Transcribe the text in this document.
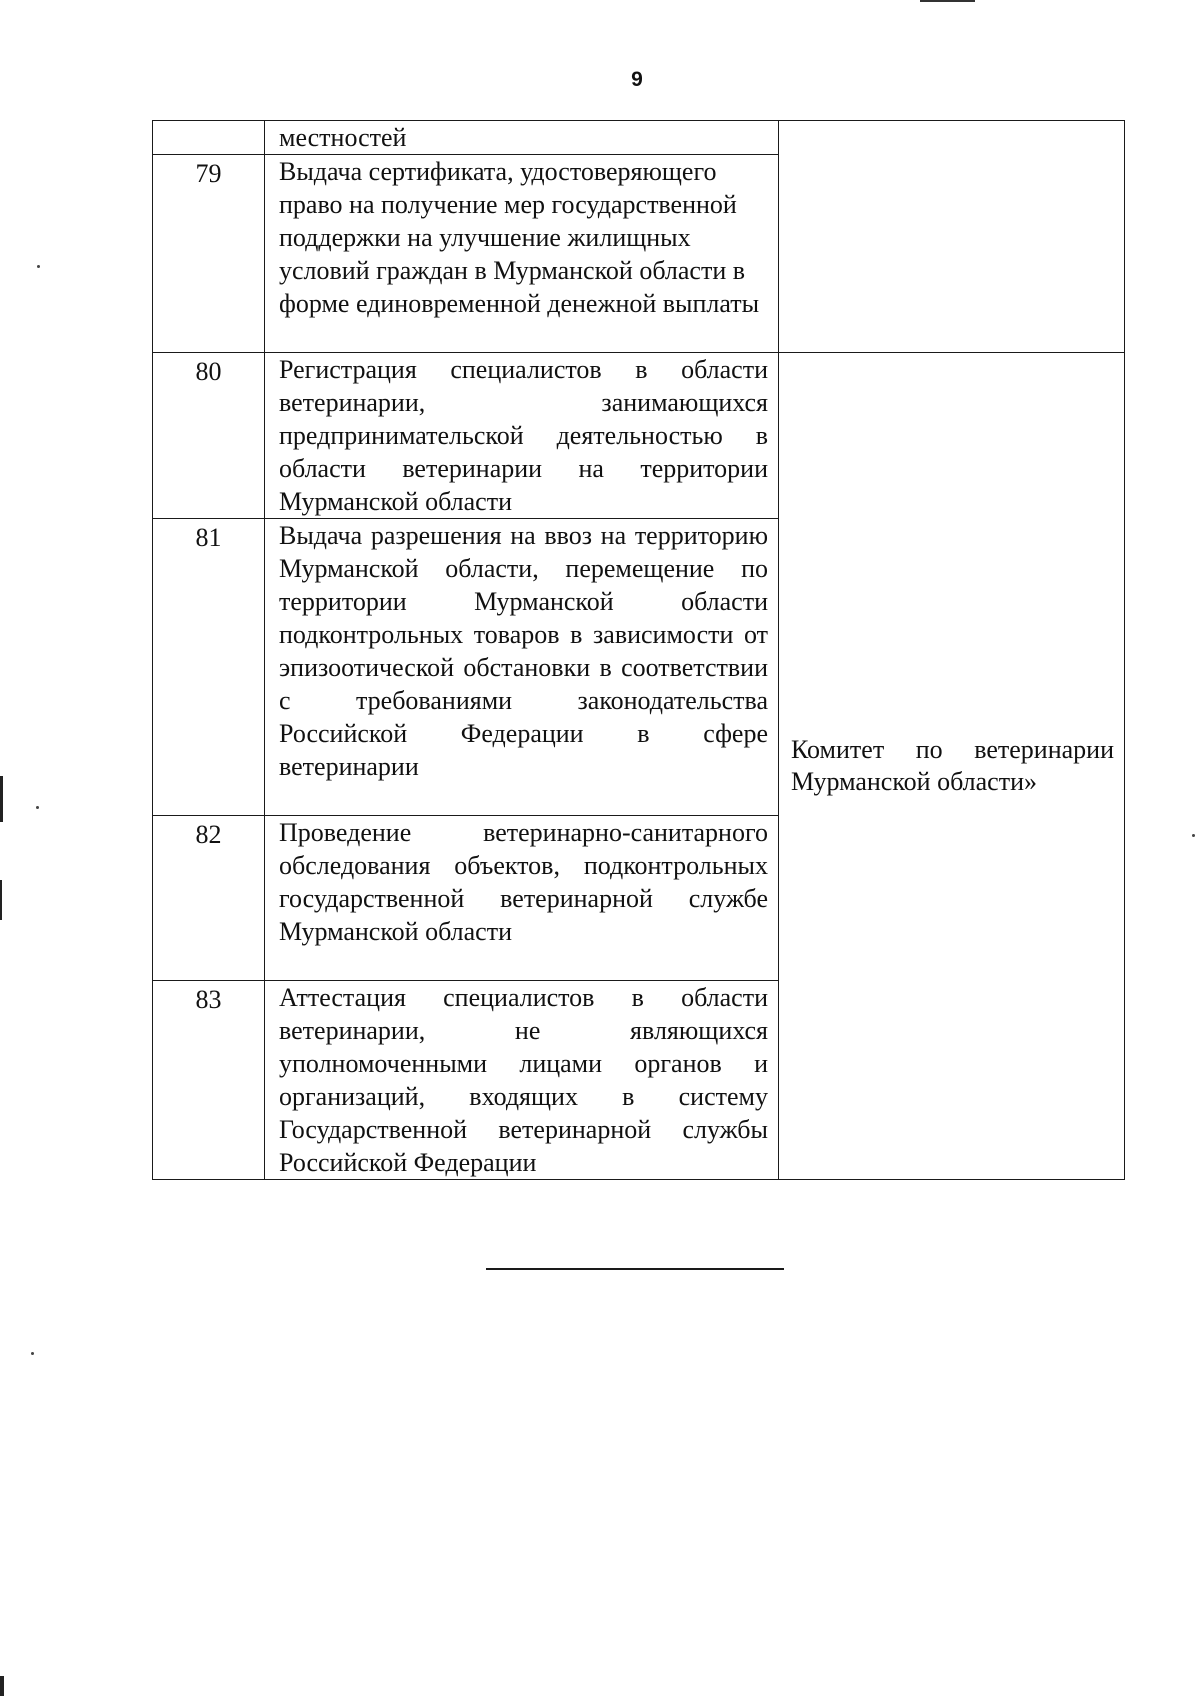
9
	местностей	
79	Выдача сертификата, удостоверяющего право на получение мер государственной поддержки на улучшение жилищных условий граждан в Мурманской области в форме единовременной денежной выплаты	
80	Регистрация специалистов в области ветеринарии, занимающихся предпринимательской деятельностью в области ветеринарии на территории Мурманской области	Комитет по ветеринарии Мурманской области»
81	Выдача разрешения на ввоз на территорию Мурманской области, перемещение по территории Мурманской области подконтрольных товаров в зависимости от эпизоотической обстановки в соответствии с требованиями законодательства Российской Федерации в сфере ветеринарии	
82	Проведение ветеринарно-санитарного обследования объектов, подконтрольных государственной ветеринарной службе Мурманской области	
83	Аттестация специалистов в области ветеринарии, не являющихся уполномоченными лицами органов и организаций, входящих в систему Государственной ветеринарной службы Российской Федерации	
